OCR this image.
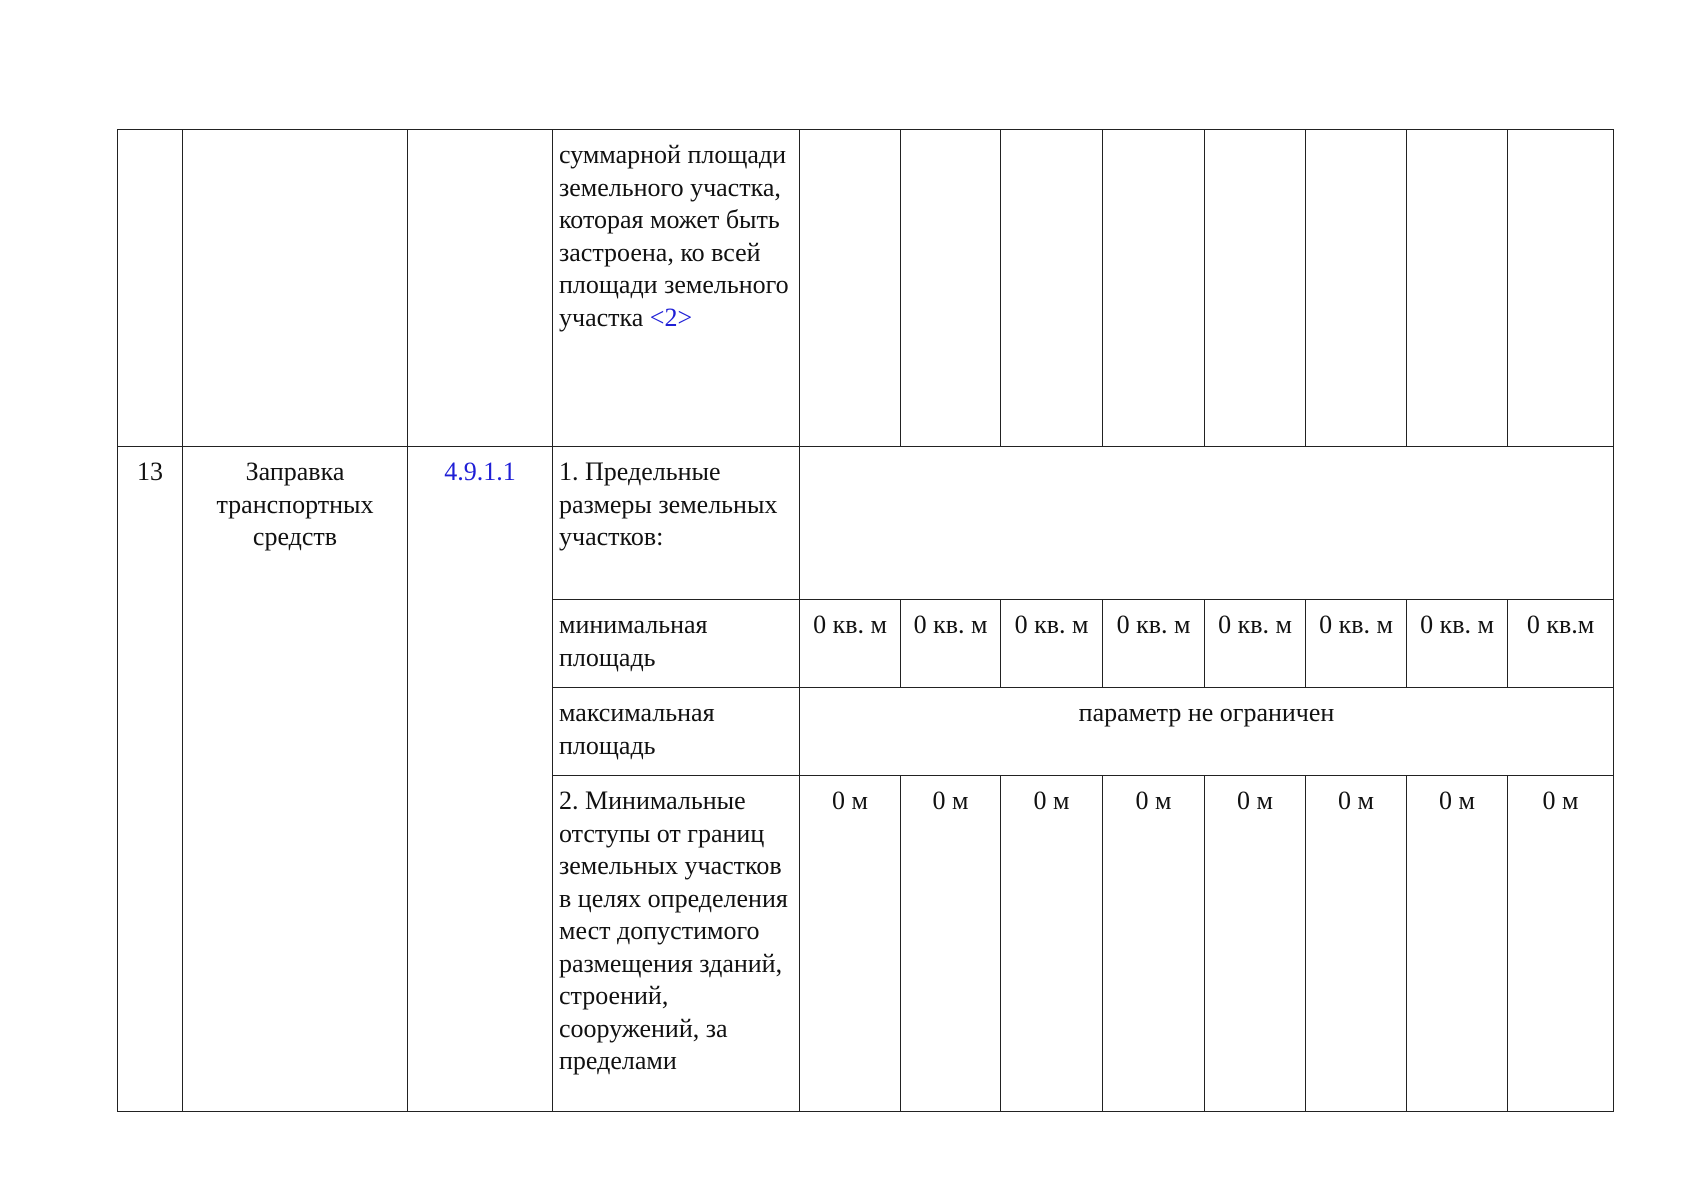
			суммарной площади земельного участка, которая может быть застроена, ко всей площади земельного участка <2>								
13	Заправка транспортных средств	4.9.1.1	1. Предельные размеры земельных участков:								
			минимальная площадь	0 кв. м	0 кв. м	0 кв. м	0 кв. м	0 кв. м	0 кв. м	0 кв. м	0 кв.м
			максимальная площадь	параметр не ограничен							
			2. Минимальные отступы от границ земельных участков в целях определения мест допустимого размещения зданий, строений, сооружений, за пределами	0 м	0 м	0 м	0 м	0 м	0 м	0 м	0 м
